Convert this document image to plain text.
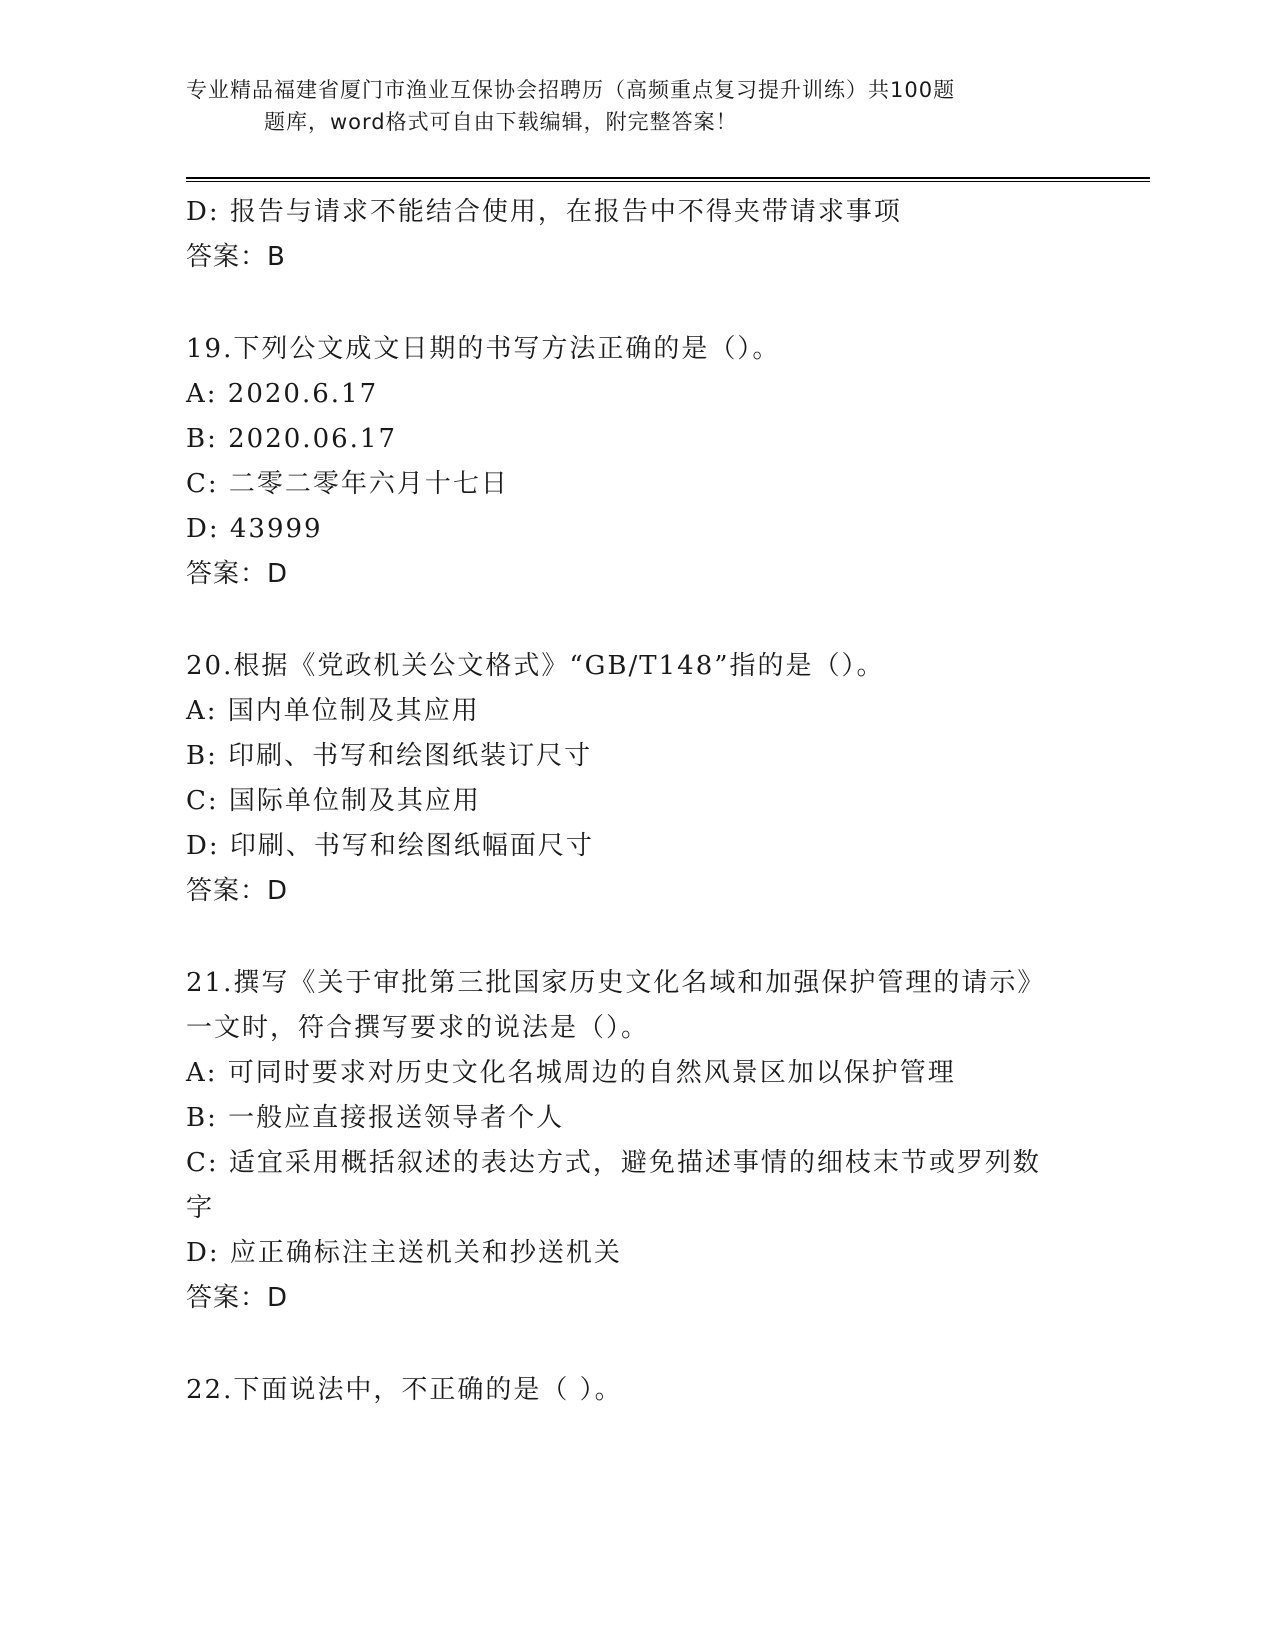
专业精品福建省厦门市渔业互保协会招聘历（高频重点复习提升训练）共100题
题库，word格式可自由下载编辑，附完整答案！
D: 报告与请求不能结合使用，在报告中不得夹带请求事项
答案：B
19.下列公文成文日期的书写方法正确的是（）。
A: 2020.6.17
B: 2020.06.17
C: 二零二零年六月十七日
D: 43999
答案：D
20.根据《党政机关公文格式》“GB/T148”指的是（）。
A: 国内单位制及其应用
B: 印刷、书写和绘图纸装订尺寸
C: 国际单位制及其应用
D: 印刷、书写和绘图纸幅面尺寸
答案：D
21.撰写《关于审批第三批国家历史文化名域和加强保护管理的请示》
一文时，符合撰写要求的说法是（）。
A: 可同时要求对历史文化名城周边的自然风景区加以保护管理
B: 一般应直接报送领导者个人
C: 适宜采用概括叙述的表达方式，避免描述事情的细枝末节或罗列数
字
D: 应正确标注主送机关和抄送机关
答案：D
22.下面说法中，不正确的是（ ）。
